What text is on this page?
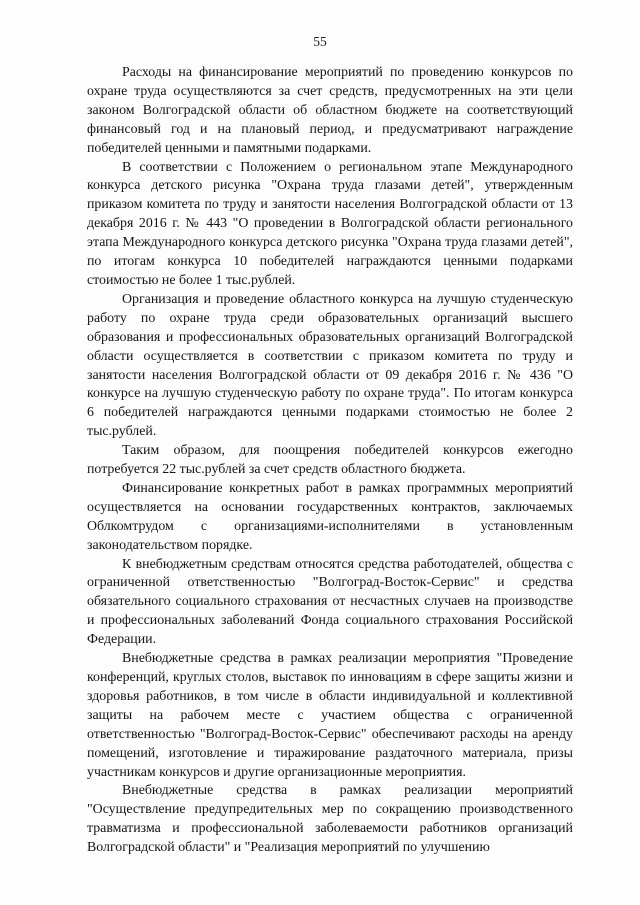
55

Расходы на финансирование мероприятий по проведению конкурсов по охране труда осуществляются за счет средств, предусмотренных на эти цели законом Волгоградской области об областном бюджете на соответствующий финансовый год и на плановый период, и предусматривают награждение победителей ценными и памятными подарками.

В соответствии с Положением о региональном этапе Международного конкурса детского рисунка "Охрана труда глазами детей", утвержденным приказом комитета по труду и занятости населения Волгоградской области от 13 декабря 2016 г. № 443 "О проведении в Волгоградской области регионального этапа Международного конкурса детского рисунка "Охрана труда глазами детей", по итогам конкурса 10 победителей награждаются ценными подарками стоимостью не более 1 тыс.рублей.

Организация и проведение областного конкурса на лучшую студенческую работу по охране труда среди образовательных организаций высшего образования и профессиональных образовательных организаций Волгоградской области осуществляется в соответствии с приказом комитета по труду и занятости населения Волгоградской области от 09 декабря 2016 г. № 436 "О конкурсе на лучшую студенческую работу по охране труда". По итогам конкурса 6 победителей награждаются ценными подарками стоимостью не более 2 тыс.рублей.

Таким образом, для поощрения победителей конкурсов ежегодно потребуется 22 тыс.рублей за счет средств областного бюджета.

Финансирование конкретных работ в рамках программных мероприятий осуществляется на основании государственных контрактов, заключаемых Облкомтрудом с организациями-исполнителями в установленным законодательством порядке.

К внебюджетным средствам относятся средства работодателей, общества с ограниченной ответственностью "Волгоград-Восток-Сервис" и средства обязательного социального страхования от несчастных случаев на производстве и профессиональных заболеваний Фонда социального страхования Российской Федерации.

Внебюджетные средства в рамках реализации мероприятия "Проведение конференций, круглых столов, выставок по инновациям в сфере защиты жизни и здоровья работников, в том числе в области индивидуальной и коллективной защиты на рабочем месте с участием общества с ограниченной ответственностью "Волгоград-Восток-Сервис" обеспечивают расходы на аренду помещений, изготовление и тиражирование раздаточного материала, призы участникам конкурсов и другие организационные мероприятия.

Внебюджетные средства в рамках реализации мероприятий "Осуществление предупредительных мер по сокращению производственного травматизма и профессиональной заболеваемости работников организаций Волгоградской области" и "Реализация мероприятий по улучшению
